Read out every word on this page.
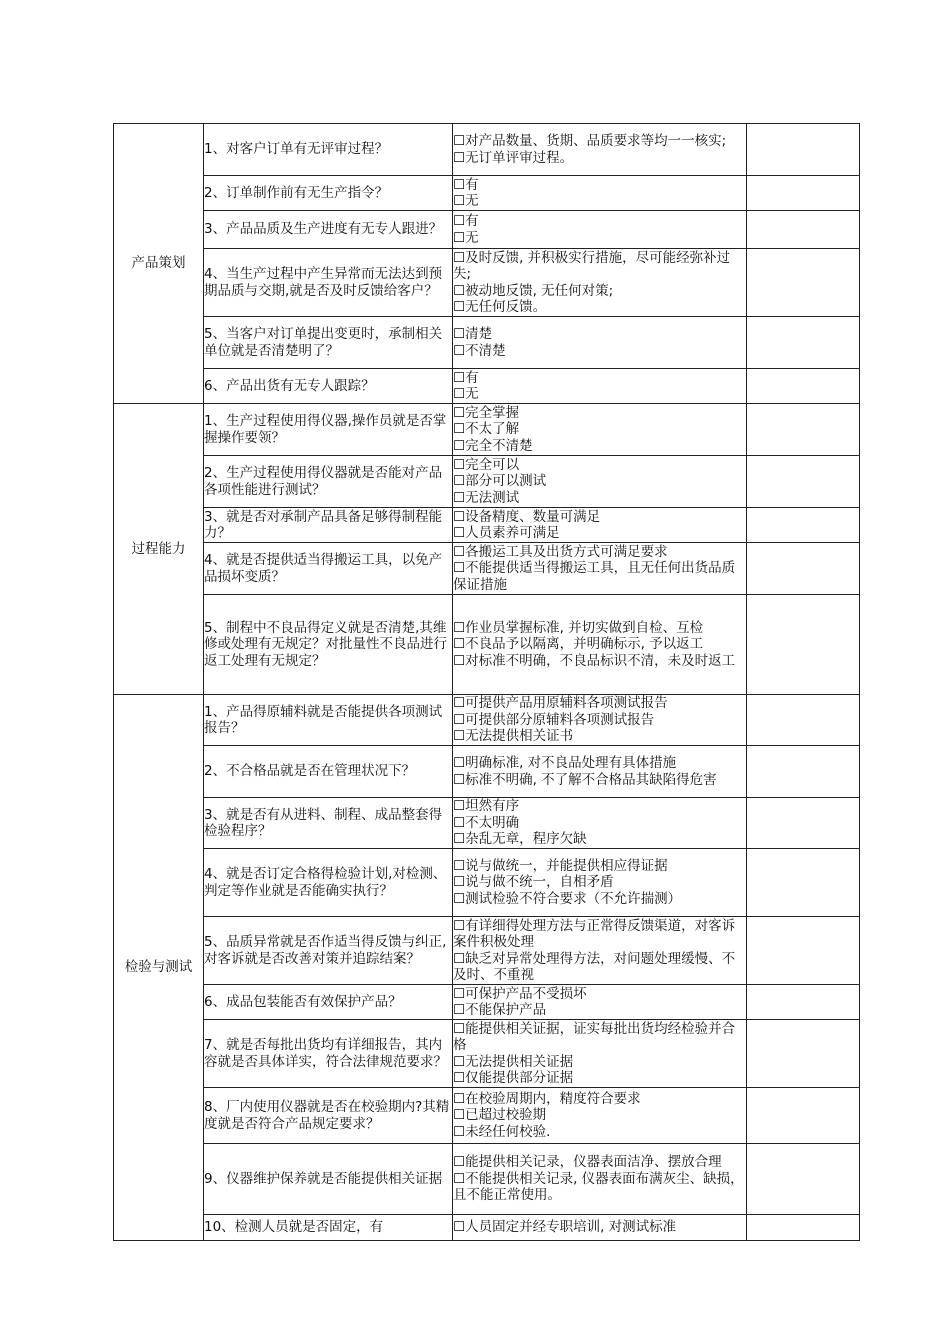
产品策划	1、对客户订单有无评审过程？	☐对产品数量、货期、品质要求等均一一核实;
☐无订单评审过程。	

	2、订单制作前有无生产指令？	☐有
☐无	

	3、产品品质及生产进度有无专人跟进？	☐有
☐无	

	4、当生产过程中产生异常而无法达到预期品质与交期,就是否及时反馈给客户？	☐及时反馈, 并积极实行措施，尽可能经弥补过失;
☐被动地反馈, 无任何对策;
☐无任何反馈。	

	5、当客户对订单提出变更时，承制相关单位就是否清楚明了？	☐清楚
☐不清楚	

	6、产品出货有无专人跟踪？	☐有
☐无	

过程能力	1、生产过程使用得仪器,操作员就是否掌握操作要领？	☐完全掌握
☐不太了解
☐完全不清楚	

	2、生产过程使用得仪器就是否能对产品各项性能进行测试？	☐完全可以
☐部分可以测试
☐无法测试	

	3、就是否对承制产品具备足够得制程能力？	☐设备精度、数量可满足
☐人员素养可满足	

	4、就是否提供适当得搬运工具，以免产品损坏变质？	☐各搬运工具及出货方式可满足要求
☐不能提供适当得搬运工具，且无任何出货品质保证措施	

	5、制程中不良品得定义就是否清楚,其维修或处理有无规定？对批量性不良品进行返工处理有无规定？	☐作业员掌握标准, 并切实做到自检、互检
☐不良品予以隔离，并明确标示, 予以返工
☐对标准不明确，不良品标识不清，未及时返工	

检验与测试	1、产品得原辅料就是否能提供各项测试报告？	☐可提供产品用原辅料各项测试报告
☐可提供部分原辅料各项测试报告
☐无法提供相关证书	

	2、不合格品就是否在管理状况下？	☐明确标准, 对不良品处理有具体措施
☐标准不明确, 不了解不合格品其缺陷得危害	

	3、就是否有从进料、制程、成品整套得检验程序？	☐坦然有序
☐不太明确
☐杂乱无章，程序欠缺	

	4、就是否订定合格得检验计划,对检测、判定等作业就是否能确实执行？	☐说与做统一，并能提供相应得证据
☐说与做不统一，自相矛盾
☐测试检验不符合要求（不允许揣测）	

	5、品质异常就是否作适当得反馈与纠正,对客诉就是否改善对策并追踪结案？	☐有详细得处理方法与正常得反馈渠道，对客诉案件积极处理
☐缺乏对异常处理得方法，对问题处理缓慢、不及时、不重视	

	6、成品包装能否有效保护产品？	☐可保护产品不受损坏
☐不能保护产品	

	7、就是否每批出货均有详细报告，其内容就是否具体详实，符合法律规范要求？	☐能提供相关证据，证实每批出货均经检验并合格
☐无法提供相关证据
☐仅能提供部分证据	

	8、厂内使用仪器就是否在校验期内?其精度就是否符合产品规定要求？	☐在校验周期内，精度符合要求
☐已超过校验期
☐未经任何校验.	

	9、仪器维护保养就是否能提供相关证据	☐能提供相关记录，仪器表面洁净、摆放合理
☐不能提供相关记录, 仪器表面布满灰尘、缺损，且不能正常使用。	

	10、检测人员就是否固定，有	☐人员固定并经专职培训, 对测试标准	
